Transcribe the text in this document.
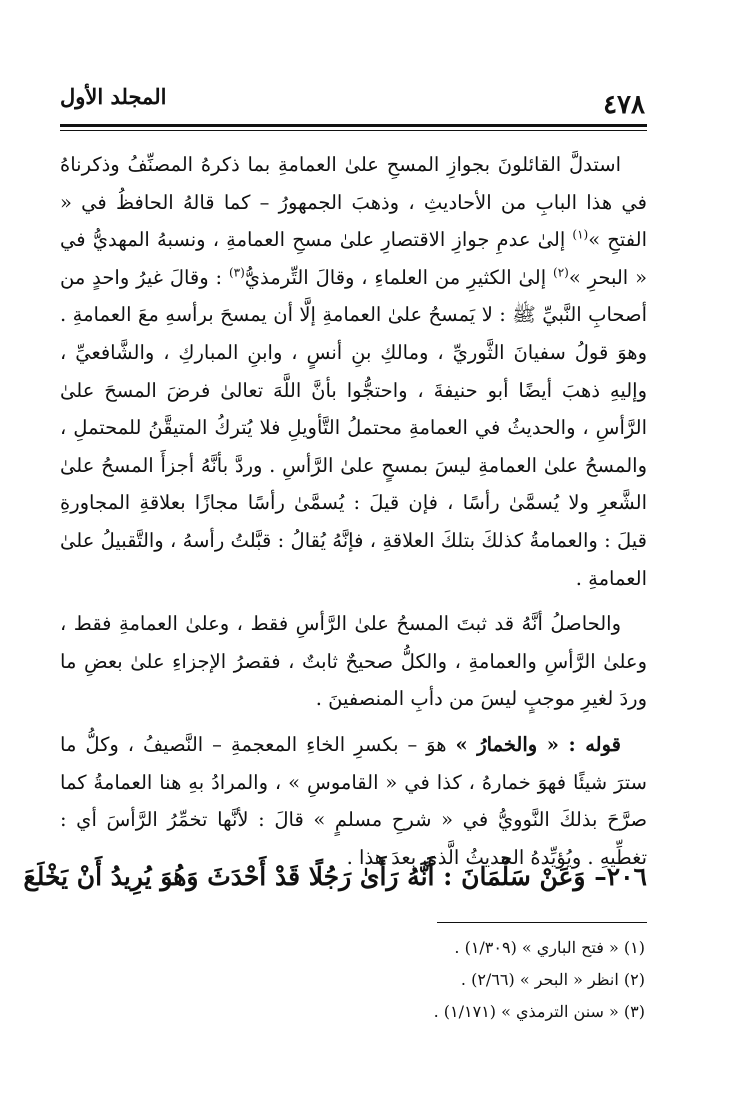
٤٧٨
المجلد الأول

استدلَّ القائلونَ بجوازِ المسحِ علىٰ العمامةِ بما ذكرهُ المصنِّفُ وذكرناهُ في هذا البابِ من الأحاديثِ ، وذهبَ الجمهورُ – كما قالهُ الحافظُ في « الفتحِ »$^{(١)}$ إلىٰ عدمِ جوازِ الاقتصارِ علىٰ مسحِ العمامةِ ، ونسبهُ المهديُّ في « البحرِ »$^{(٢)}$ إلىٰ الكثيرِ من العلماءِ ، وقالَ التِّرمذيُّ$^{(٣)}$ : وقالَ غيرُ واحدٍ من أصحابِ النَّبيِّ ﷺ : لا يَمسحُ علىٰ العمامةِ إلَّا أن يمسحَ برأسهِ معَ العمامةِ . وهوَ قولُ سفيانَ الثَّوريِّ ، ومالكِ بنِ أنسٍ ، وابنِ المباركِ ، والشَّافعيِّ ، وإليهِ ذهبَ أيضًا أبو حنيفةَ ، واحتجُّوا بأنَّ اللَّهَ تعالىٰ فرضَ المسحَ علىٰ الرَّأسِ ، والحديثُ في العمامةِ محتملُ التَّأويلِ فلا يُتركُ المتيقَّنُ للمحتملِ ، والمسحُ علىٰ العمامةِ ليسَ بمسحٍ علىٰ الرَّأسِ . وردَّ بأنَّهُ أجزأَ المسحُ علىٰ الشَّعرِ ولا يُسمَّىٰ رأسًا ، فإن قيلَ : يُسمَّىٰ رأسًا مجازًا بعلاقةِ المجاورةِ قيلَ : والعمامةُ كذلكَ بتلكَ العلاقةِ ، فإنَّهُ يُقالُ : قبَّلتُ رأسهُ ، والتَّقبيلُ علىٰ العمامةِ .

والحاصلُ أنَّهُ قد ثبتَ المسحُ علىٰ الرَّأسِ فقط ، وعلىٰ العمامةِ فقط ، وعلىٰ الرَّأسِ والعمامةِ ، والكلُّ صحيحٌ ثابتٌ ، فقصرُ الإجزاءِ علىٰ بعضِ ما وردَ لغيرِ موجبٍ ليسَ من دأبِ المنصفينَ .

قوله : « والخمارُ » هوَ – بكسرِ الخاءِ المعجمةِ – النَّصيفُ ، وكلُّ ما سترَ شيئًا فهوَ خمارهُ ، كذا في « القاموسِ » ، والمرادُ بهِ هنا العمامةُ كما صرَّحَ بذلكَ النَّوويُّ في « شرحِ مسلمٍ » قالَ : لأنَّها تخمِّرُ الرَّأسَ أي : تغطِّيهِ . ويُؤيِّدهُ الحديثُ الَّذي بعدَ هذا .

٢٠٦– وَعَنْ سَلْمَانَ : أَنَّهُ رَأَىٰ رَجُلًا قَدْ أَحْدَثَ وَهُوَ يُرِيدُ أَنْ يَخْلَعَ
(١) « فتح الباري » (١/٣٠٩) .
(٢) انظر « البحر » (٢/٦٦) .
(٣) « سنن الترمذي » (١/١٧١) .
